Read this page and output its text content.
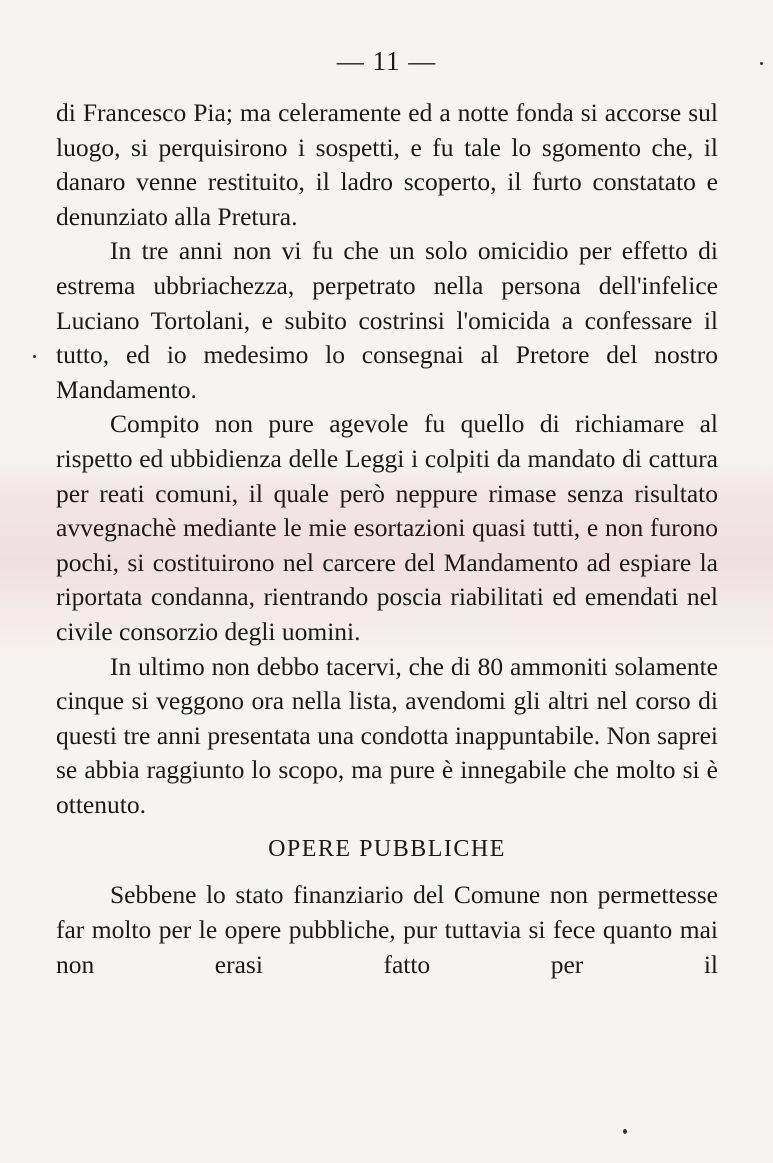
— 11 —

di Francesco Pia; ma celeramente ed a notte fonda si accorse sul luogo, si perquisirono i sospetti, e fu tale lo sgomento che, il danaro venne restituito, il ladro scoperto, il furto constatato e denunziato alla Pretura.

In tre anni non vi fu che un solo omicidio per effetto di estrema ubbriachezza, perpetrato nella persona dell'infelice Luciano Tortolani, e subito costrinsi l'omicida a confessare il tutto, ed io medesimo lo consegnai al Pretore del nostro Mandamento.

Compito non pure agevole fu quello di richiamare al rispetto ed ubbidienza delle Leggi i colpiti da mandato di cattura per reati comuni, il quale però neppure rimase senza risultato avvegnachè mediante le mie esortazioni quasi tutti, e non furono pochi, si costituirono nel carcere del Mandamento ad espiare la riportata condanna, rientrando poscia riabilitati ed emendati nel civile consorzio degli uomini.

In ultimo non debbo tacervi, che di 80 ammoniti solamente cinque si veggono ora nella lista, avendomi gli altri nel corso di questi tre anni presentata una condotta inappuntabile. Non saprei se abbia raggiunto lo scopo, ma pure è innegabile che molto si è ottenuto.

OPERE PUBBLICHE

Sebbene lo stato finanziario del Comune non permettesse far molto per le opere pubbliche, pur tuttavia si fece quanto mai non erasi fatto per il
